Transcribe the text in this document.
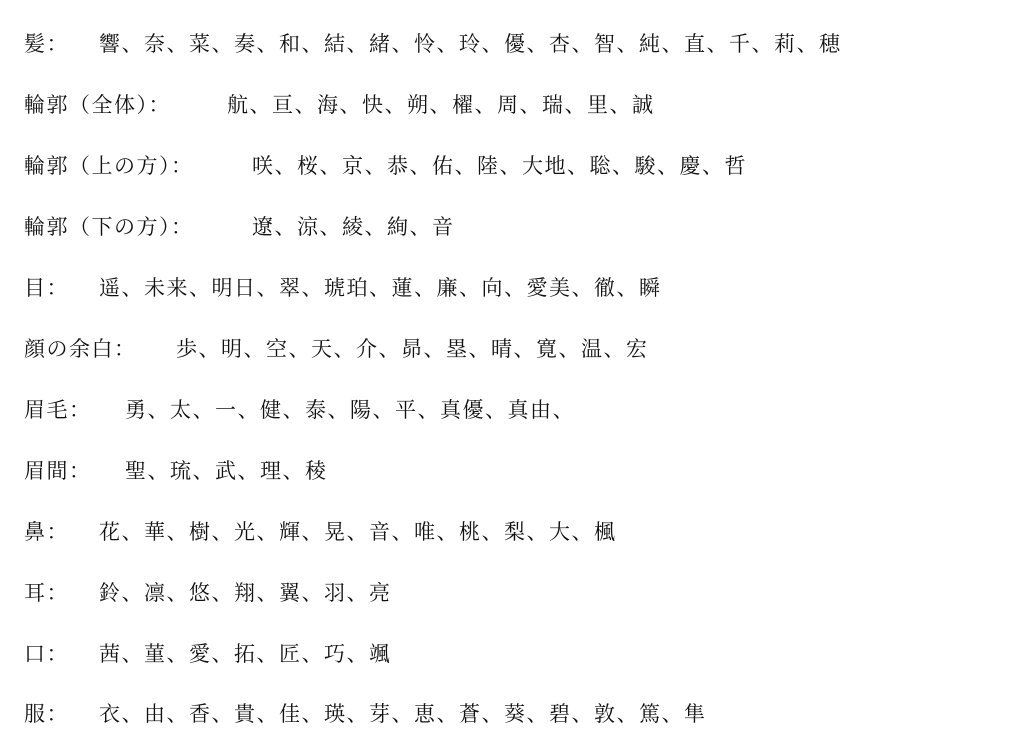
髪：	響、奈、菜、奏、和、結、緒、怜、玲、優、杏、智、純、直、千、莉、穂
輪郭（全体）：	航、亘、海、快、朔、櫂、周、瑞、里、誠
輪郭（上の方）：	咲、桜、京、恭、佑、陸、大地、聡、駿、慶、哲
輪郭（下の方）：	遼、涼、綾、絢、音
目：	遥、未来、明日、翠、琥珀、蓮、廉、向、愛美、徹、瞬
顔の余白：	歩、明、空、天、介、昴、塁、晴、寛、温、宏
眉毛：	勇、太、一、健、泰、陽、平、真優、真由、
眉間：	聖、琉、武、理、稜
鼻：	花、華、樹、光、輝、晃、音、唯、桃、梨、大、楓
耳：	鈴、凛、悠、翔、翼、羽、亮
口：	茜、菫、愛、拓、匠、巧、颯
服：	衣、由、香、貴、佳、瑛、芽、恵、蒼、葵、碧、敦、篤、隼
